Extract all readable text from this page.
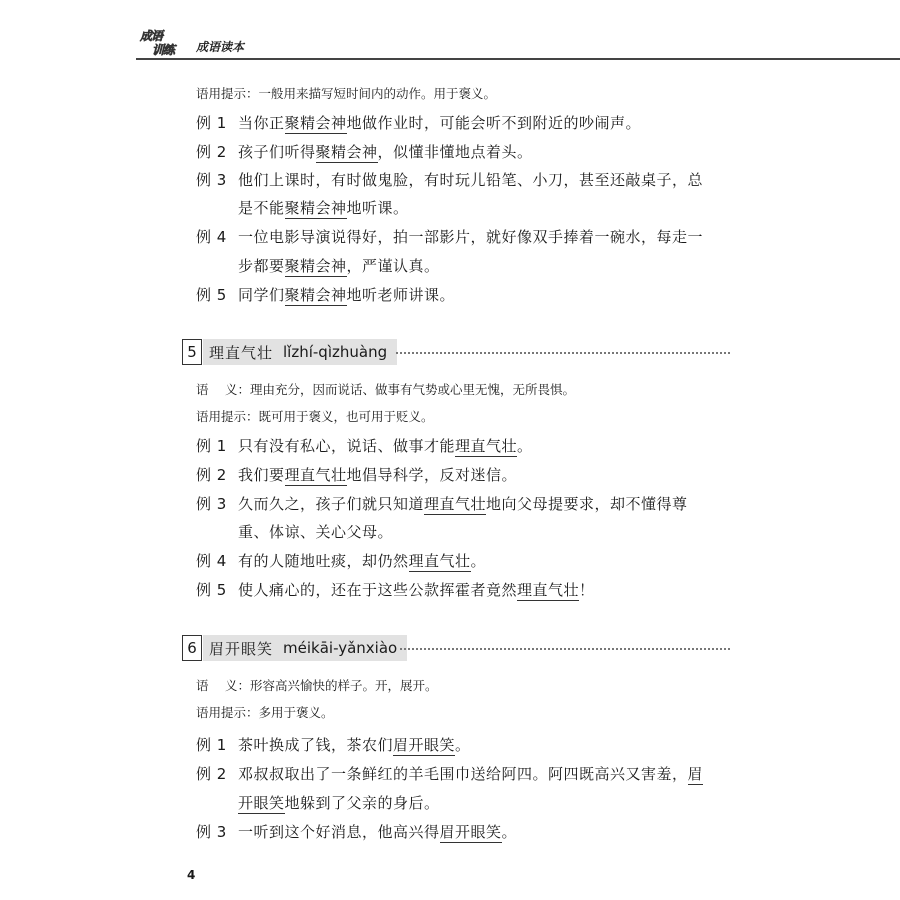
成语
训练 成语读本
语用提示：一般用来描写短时间内的动作。用于褒义。
例 1 当你正聚精会神地做作业时，可能会听不到附近的吵闹声。
例 2 孩子们听得聚精会神，似懂非懂地点着头。
例 3 他们上课时，有时做鬼脸，有时玩儿铅笔、小刀，甚至还敲桌子，总
是不能聚精会神地听课。
例 4 一位电影导演说得好，拍一部影片，就好像双手捧着一碗水，每走一
步都要聚精会神，严谨认真。
例 5 同学们聚精会神地听老师讲课。
5 理直气壮 lǐzhí-qìzhuàng
语　 义：理由充分，因而说话、做事有气势或心里无愧，无所畏惧。
语用提示：既可用于褒义，也可用于贬义。
例 1 只有没有私心，说话、做事才能理直气壮。
例 2 我们要理直气壮地倡导科学，反对迷信。
例 3 久而久之，孩子们就只知道理直气壮地向父母提要求，却不懂得尊
重、体谅、关心父母。
例 4 有的人随地吐痰，却仍然理直气壮。
例 5 使人痛心的，还在于这些公款挥霍者竟然理直气壮！
6 眉开眼笑 méikāi-yǎnxiào
语　 义：形容高兴愉快的样子。开，展开。
语用提示：多用于褒义。
例 1 茶叶换成了钱，茶农们眉开眼笑。
例 2 邓叔叔取出了一条鲜红的羊毛围巾送给阿四。阿四既高兴又害羞，眉
开眼笑地躲到了父亲的身后。
例 3 一听到这个好消息，他高兴得眉开眼笑。
4
